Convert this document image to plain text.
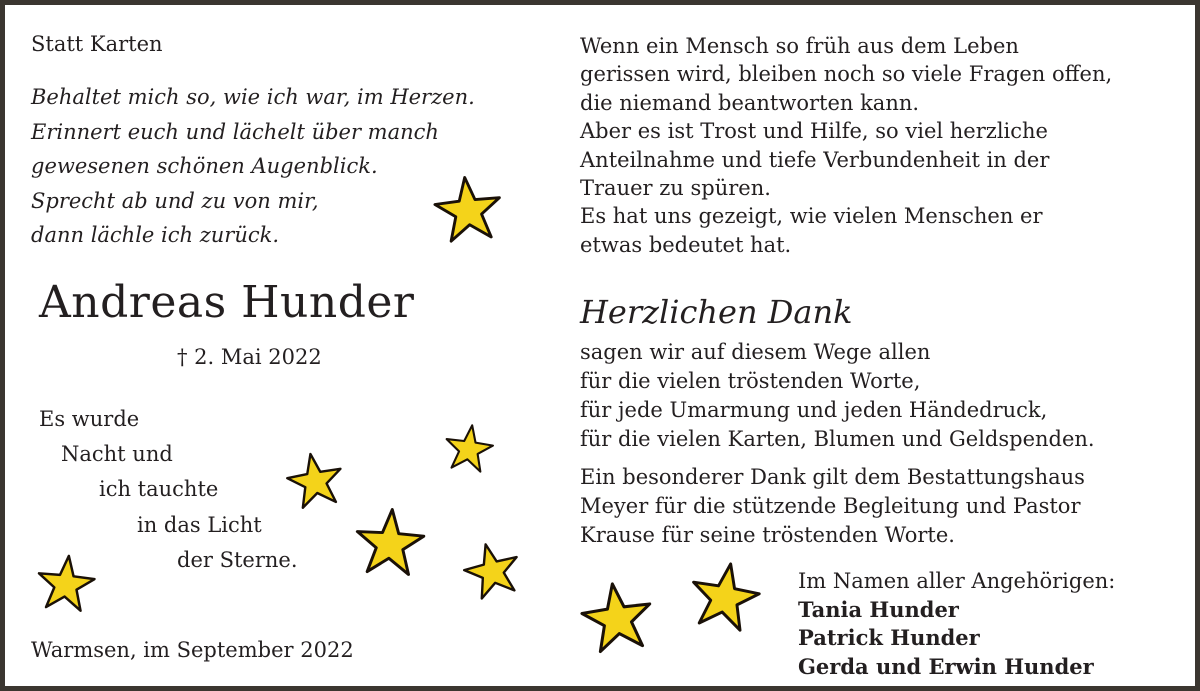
Statt Karten

Behaltet mich so, wie ich war, im Herzen.
Erinnert euch und lächelt über manch
gewesenen schönen Augenblick.
Sprecht ab und zu von mir,
dann lächle ich zurück.
Andreas Hunder

† 2. Mai 2022

Es wurde

Nacht und

ich tauchte

in das Licht

der Sterne.

Warmsen, im September 2022

Wenn ein Mensch so früh aus dem Leben
gerissen wird, bleiben noch so viele Fragen offen,
die niemand beantworten kann.
Aber es ist Trost und Hilfe, so viel herzliche
Anteilnahme und tiefe Verbundenheit in der
Trauer zu spüren.
Es hat uns gezeigt, wie vielen Menschen er
etwas bedeutet hat.
Herzlichen Dank
sagen wir auf diesem Wege allen
für die vielen tröstenden Worte,
für jede Umarmung und jeden Händedruck,
für die vielen Karten, Blumen und Geldspenden.
Ein besonderer Dank gilt dem Bestattungshaus
Meyer für die stützende Begleitung und Pastor
Krause für seine tröstenden Worte.
Im Namen aller Angehörigen:
Tania Hunder
Patrick Hunder
Gerda und Erwin Hunder
